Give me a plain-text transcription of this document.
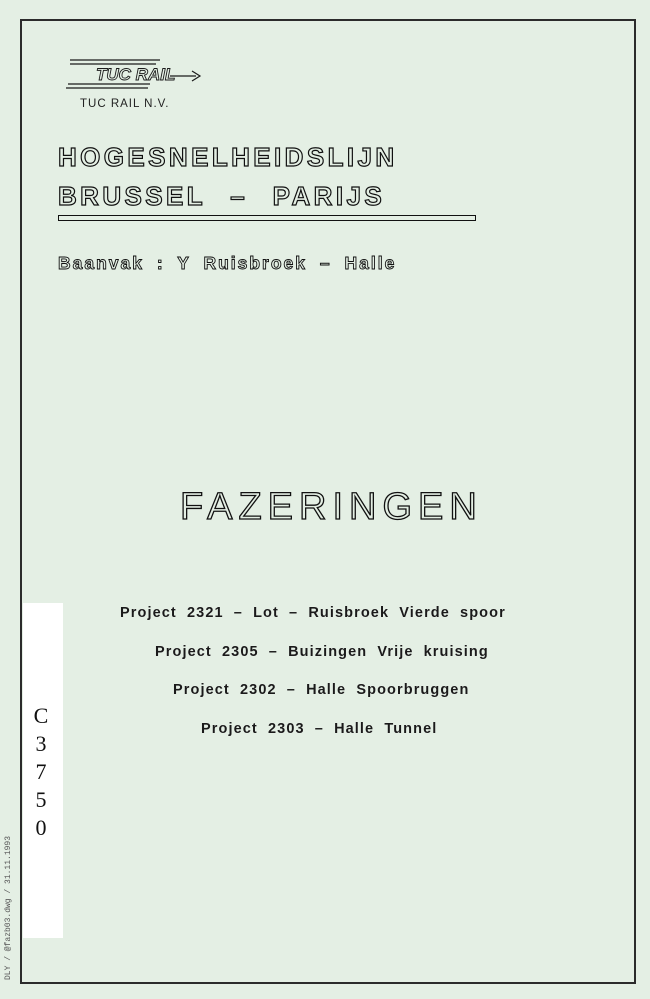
TUC RAIL
TUC RAIL N.V.
HOGESNELHEIDSLIJN
BRUSSEL – PARIJS
Baanvak : Y Ruisbroek – Halle
FAZERINGEN
Project 2321 – Lot – Ruisbroek Vierde spoor
Project 2305 – Buizingen Vrije kruising
Project 2302 – Halle Spoorbruggen
Project 2303 – Halle Tunnel
C
3
7
5
0
DLY / @fazb03.dwg / 31.11.1993
